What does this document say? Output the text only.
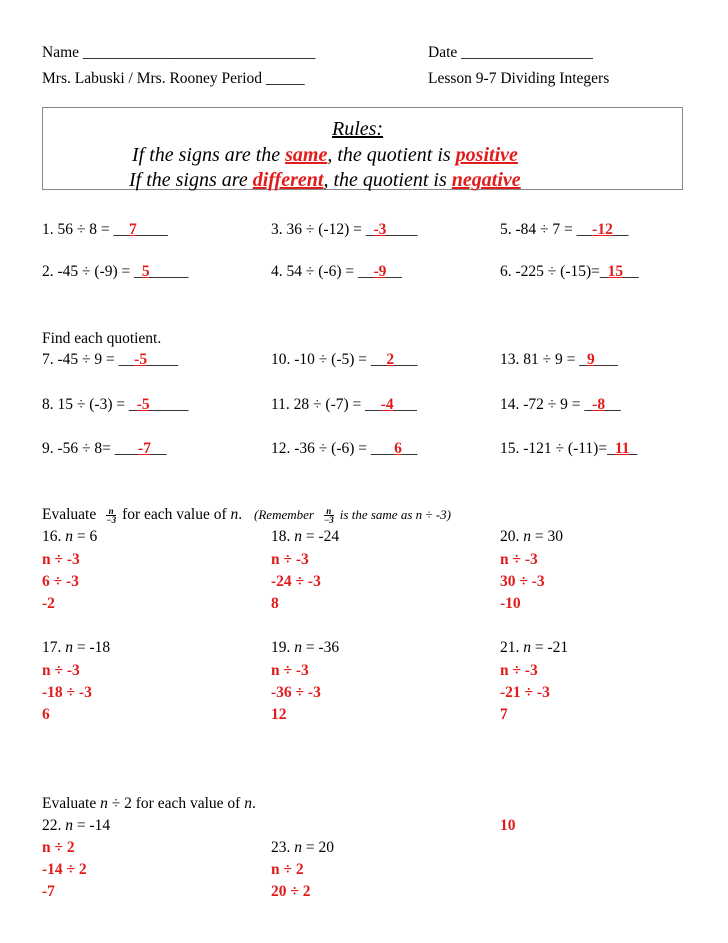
Name ______________________________	Date _________________
Mrs. Labuski / Mrs. Rooney Period _____	Lesson 9-7 Dividing Integers
Rules:
If the signs are the same, the quotient is positive
If the signs are different, the quotient is negative
1. 56 ÷ 8 = __7____	3. 36 ÷ (-12) = _-3____	5. -84 ÷ 7 = __-12__
2. -45 ÷ (-9) = _5_____	4. 54 ÷ (-6) = __-9__	6. -225 ÷ (-15)=_15__
Find each quotient.
7. -45 ÷ 9 = __-5____	10. -10 ÷ (-5) = __2___	13. 81 ÷ 9 = _9___
8. 15 ÷ (-3) = _-5_____	11. 28 ÷ (-7) = __-4___	14. -72 ÷ 9 = _-8__
9. -56 ÷ 8= ___-7__	12. -36 ÷ (-6) = ___6__	15. -121 ÷ (-11)=_11_
Evaluate $\frac{n}{-3}$ for each value of n. (Remember $\frac{n}{-3}$ is the same as n ÷ -3)
16. n = 6
n ÷ -3
6 ÷ -3
-2
18. n = -24
n ÷ -3
-24 ÷ -3
8
20. n = 30
n ÷ -3
30 ÷ -3
-10
17. n = -18
n ÷ -3
-18 ÷ -3
6
19. n = -36
n ÷ -3
-36 ÷ -3
12
21. n = -21
n ÷ -3
-21 ÷ -3
7
Evaluate n ÷ 2 for each value of n.
22. n = -14
n ÷ 2
-14 ÷ 2
-7
23. n = 20
n ÷ 2
20 ÷ 2
10
